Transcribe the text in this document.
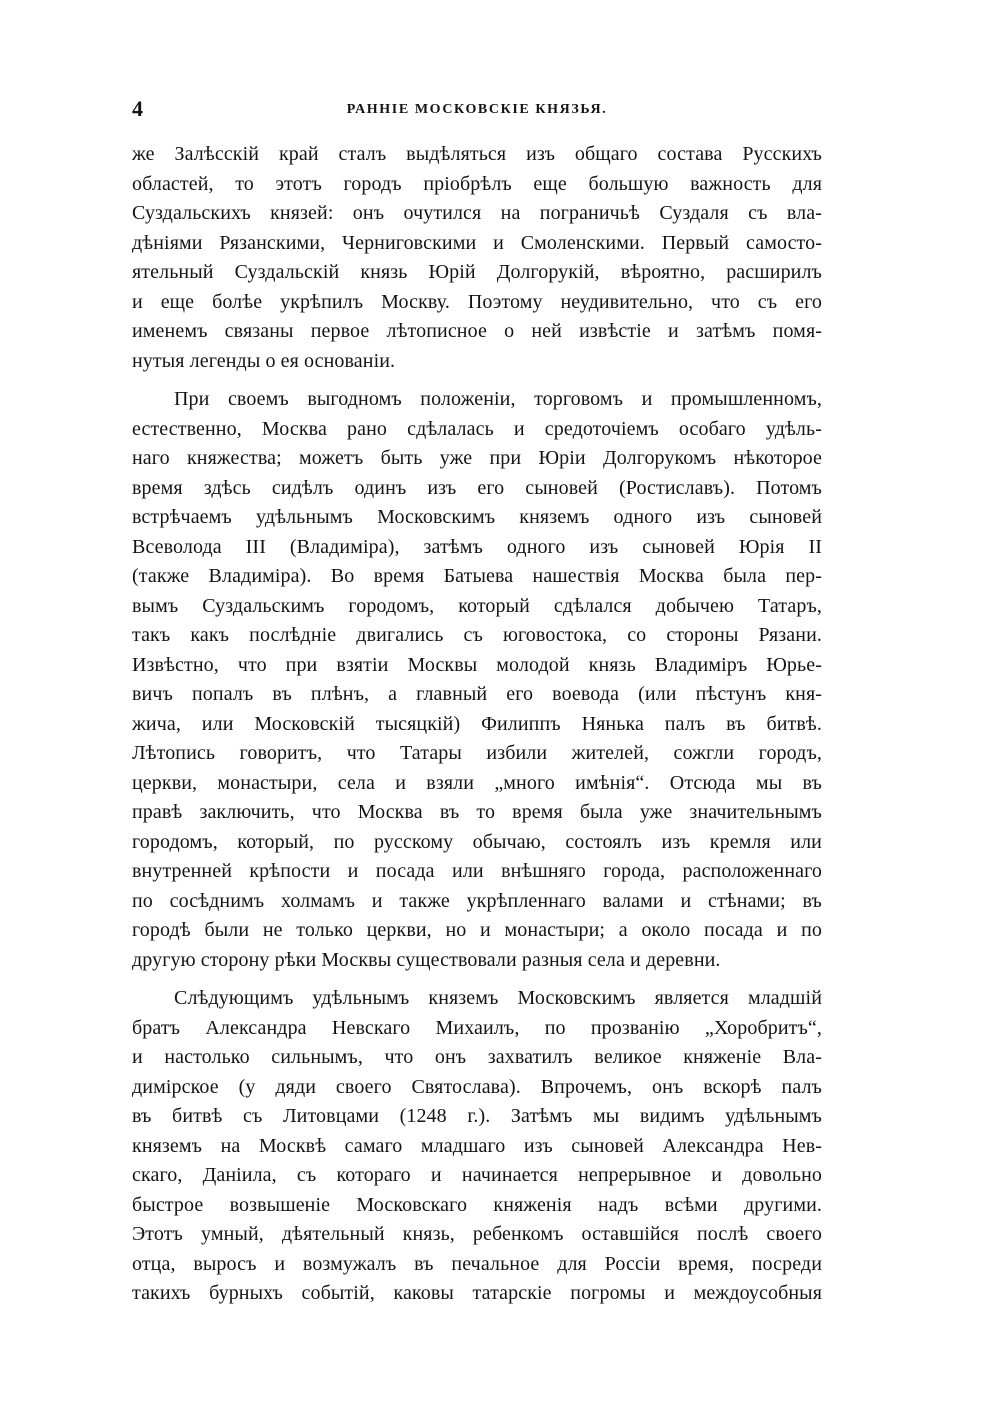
4	РАННІЕ МОСКОВСКІЕ КНЯЗЬЯ.

же Залѣсскій край сталъ выдѣляться изъ общаго состава Русскихъ
областей, то этотъ городъ пріобрѣлъ еще большую важность для
Суздальскихъ князей: онъ очутился на пограничьѣ Суздаля съ вла-
дѣніями Рязанскими, Черниговскими и Смоленскими. Первый самосто-
ятельный Суздальскій князь Юрій Долгорукій, вѣроятно, расширилъ
и еще болѣе укрѣпилъ Москву. Поэтому неудивительно, что съ его
именемъ связаны первое лѣтописное о ней извѣстіе и затѣмъ помя-
нутыя легенды о ея основаніи.

При своемъ выгодномъ положеніи, торговомъ и промышленномъ,
естественно, Москва рано сдѣлалась и средоточіемъ особаго удѣль-
наго княжества; можетъ быть уже при Юріи Долгорукомъ нѣкоторое
время здѣсь сидѣлъ одинъ изъ его сыновей (Ростиславъ). Потомъ
встрѣчаемъ удѣльнымъ Московскимъ княземъ одного изъ сыновей
Всеволода III (Владиміра), затѣмъ одного изъ сыновей Юрія II
(также Владиміра). Во время Батыева нашествія Москва была пер-
вымъ Суздальскимъ городомъ, который сдѣлался добычею Татаръ,
такъ какъ послѣдніе двигались съ юговостока, со стороны Рязани.
Извѣстно, что при взятіи Москвы молодой князь Владиміръ Юрье-
вичъ попалъ въ плѣнъ, а главный его воевода (или пѣстунъ кня-
жича, или Московскій тысяцкій) Филиппъ Нянька палъ въ битвѣ.
Лѣтопись говоритъ, что Татары избили жителей, сожгли городъ,
церкви, монастыри, села и взяли „много имѣнія“. Отсюда мы въ
правѣ заключить, что Москва въ то время была уже значительнымъ
городомъ, который, по русскому обычаю, состоялъ изъ кремля или
внутренней крѣпости и посада или внѣшняго города, расположеннаго
по сосѣднимъ холмамъ и также укрѣпленнаго валами и стѣнами; въ
городѣ были не только церкви, но и монастыри; а около посада и по
другую сторону рѣки Москвы существовали разныя села и деревни.

Слѣдующимъ удѣльнымъ княземъ Московскимъ является младшій
братъ Александра Невскаго Михаилъ, по прозванію „Хоробритъ“,
и настолько сильнымъ, что онъ захватилъ великое княженіе Вла-
димірское (у дяди своего Святослава). Впрочемъ, онъ вскорѣ палъ
въ битвѣ съ Литовцами (1248 г.). Затѣмъ мы видимъ удѣльнымъ
княземъ на Москвѣ самаго младшаго изъ сыновей Александра Нев-
скаго, Даніила, съ котораго и начинается непрерывное и довольно
быстрое возвышеніе Московскаго княженія надъ всѣми другими.
Этотъ умный, дѣятельный князь, ребенкомъ оставшійся послѣ своего
отца, выросъ и возмужалъ въ печальное для Россіи время, посреди
такихъ бурныхъ событій, каковы татарскіе погромы и междоусобныя
